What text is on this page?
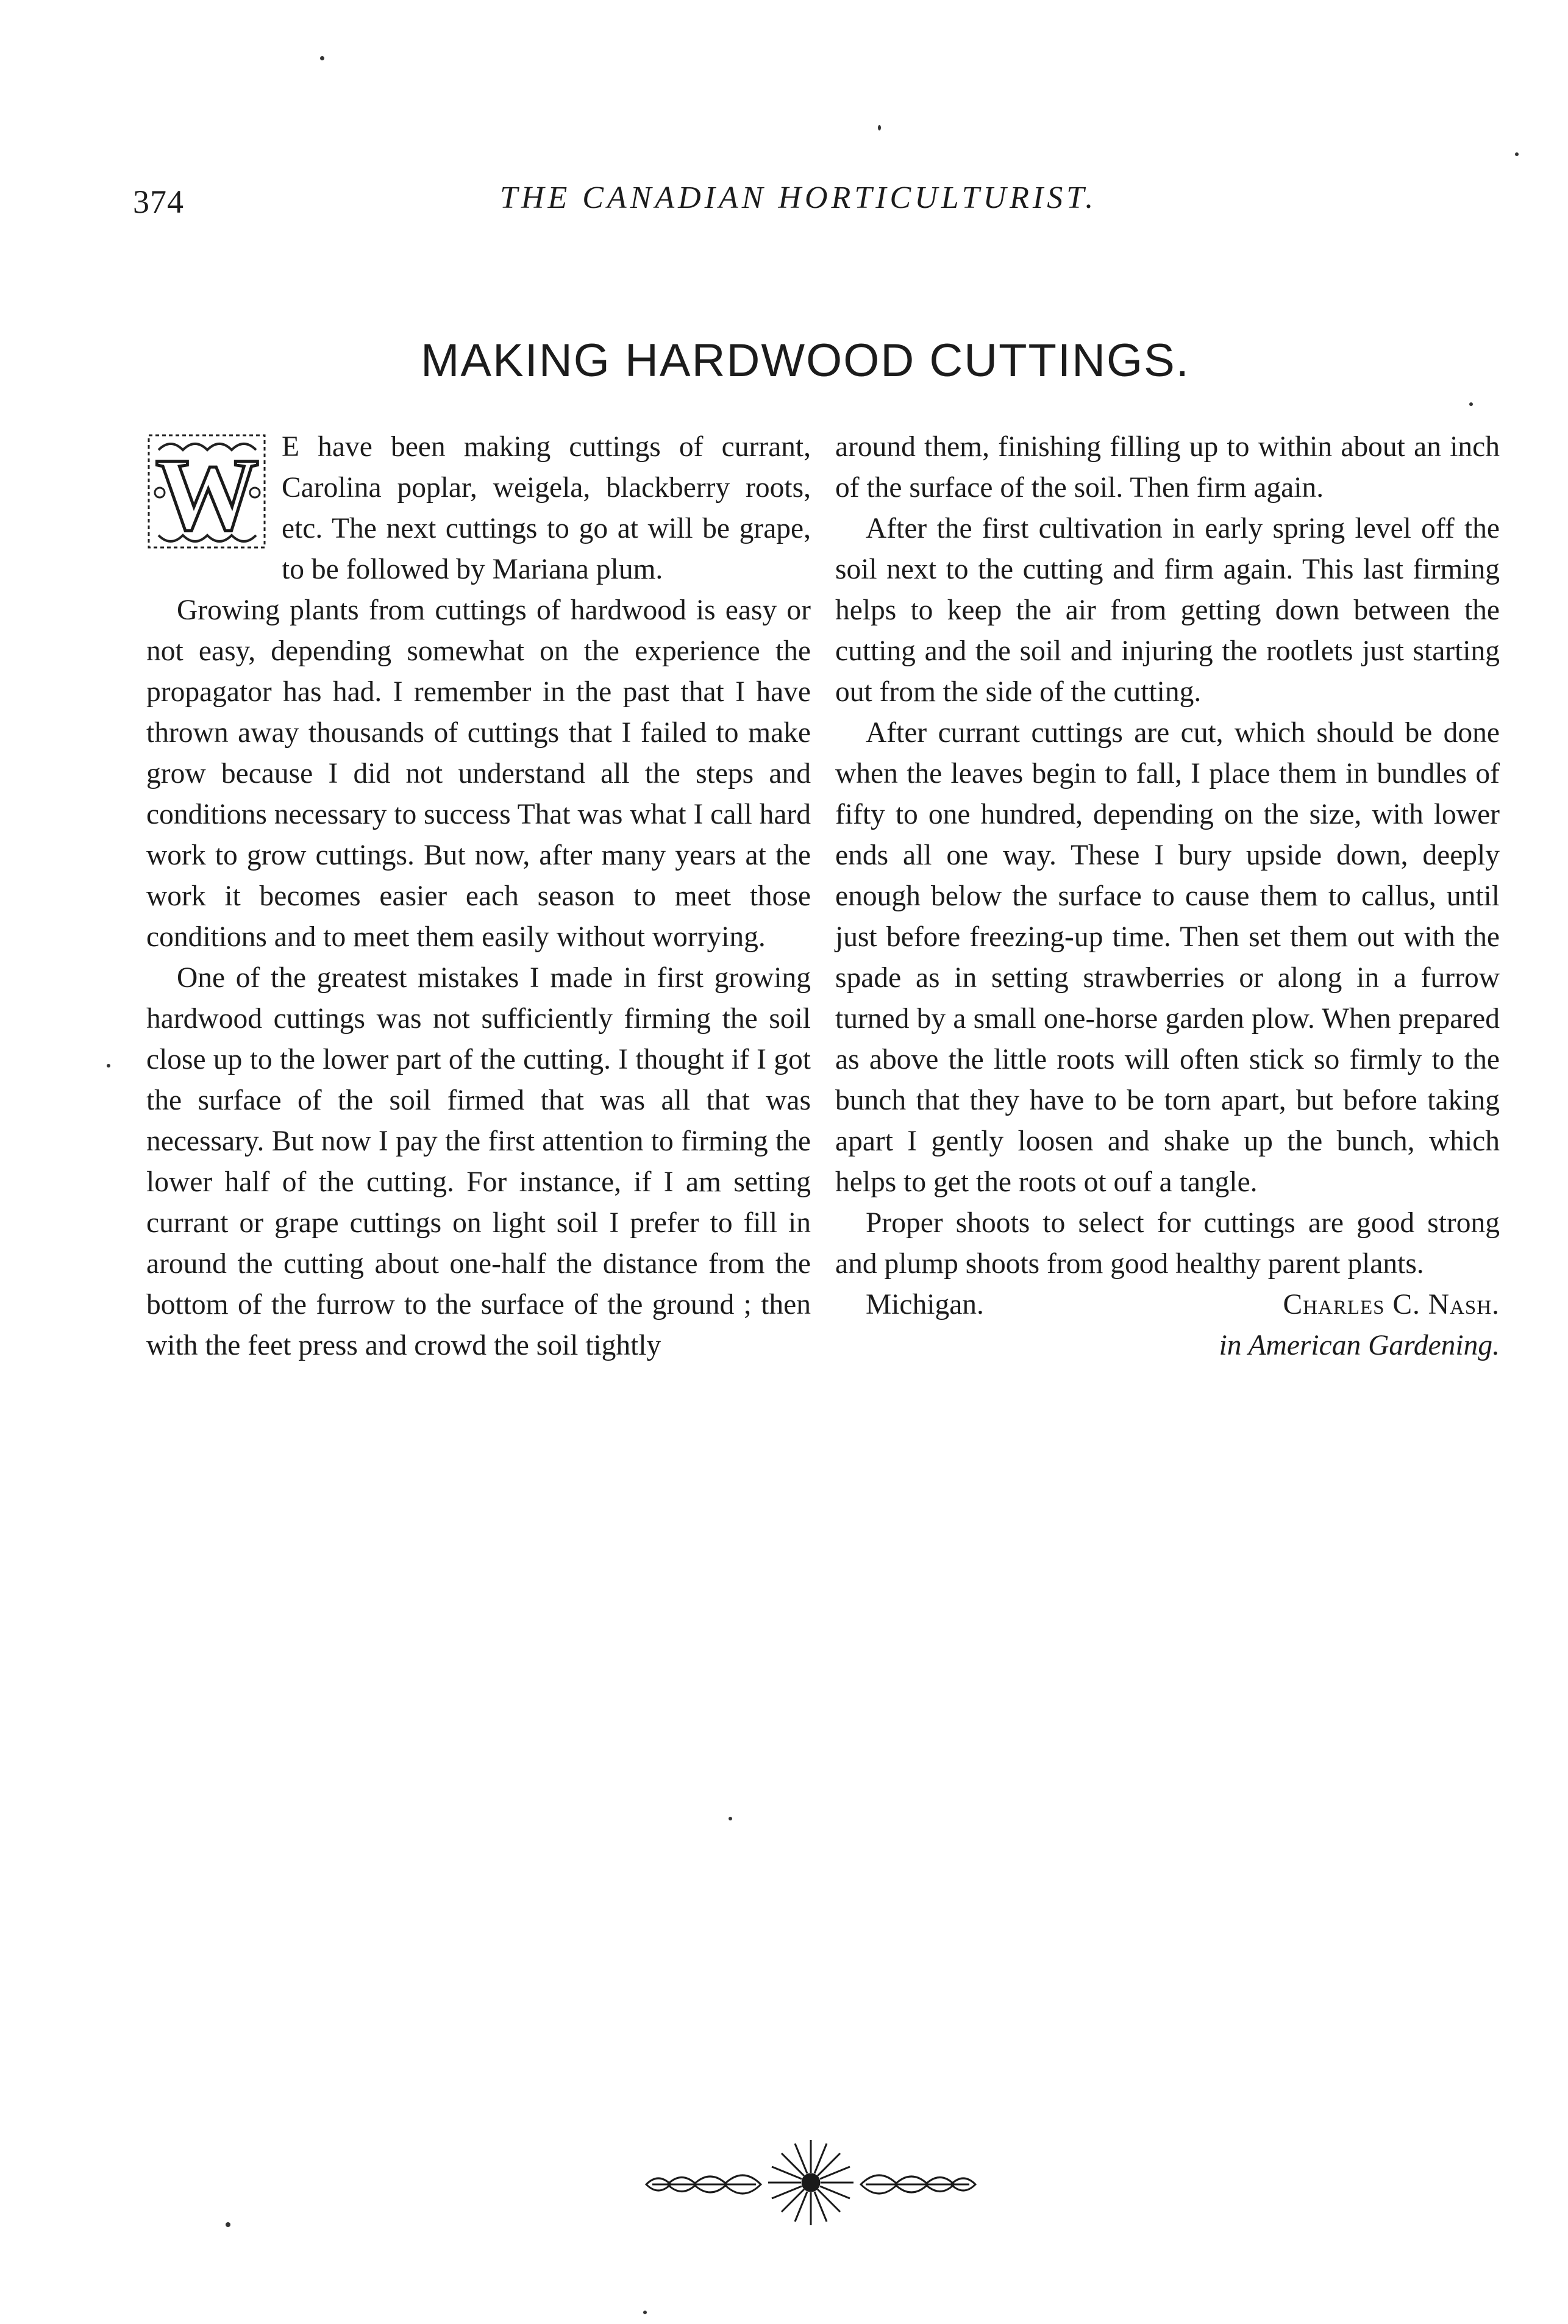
374	THE CANADIAN HORTICULTURIST.
MAKING HARDWOOD CUTTINGS.

W E have been making cuttings of currant, Carolina poplar, weigela, blackberry roots, etc. The next cuttings to go at will be grape, to be followed by Mariana plum.

Growing plants from cuttings of hardwood is easy or not easy, depending somewhat on the experience the propagator has had. I remember in the past that I have thrown away thousands of cuttings that I failed to make grow because I did not understand all the steps and conditions necessary to success That was what I call hard work to grow cuttings. But now, after many years at the work it becomes easier each season to meet those conditions and to meet them easily without worrying.

One of the greatest mistakes I made in first growing hardwood cuttings was not sufficiently firming the soil close up to the lower part of the cutting. I thought if I got the surface of the soil firmed that was all that was necessary. But now I pay the first attention to firming the lower half of the cutting. For instance, if I am setting currant or grape cuttings on light soil I prefer to fill in around the cutting about one-half the distance from the bottom of the furrow to the surface of the ground ; then with the feet press and crowd the soil tightly

around them, finishing filling up to within about an inch of the surface of the soil. Then firm again.

After the first cultivation in early spring level off the soil next to the cutting and firm again. This last firming helps to keep the air from getting down between the cutting and the soil and injuring the rootlets just starting out from the side of the cutting.

After currant cuttings are cut, which should be done when the leaves begin to fall, I place them in bundles of fifty to one hundred, depending on the size, with lower ends all one way. These I bury upside down, deeply enough below the surface to cause them to callus, until just before freezing-up time. Then set them out with the spade as in setting strawberries or along in a furrow turned by a small one-horse garden plow. When prepared as above the little roots will often stick so firmly to the bunch that they have to be torn apart, but before taking apart I gently loosen and shake up the bunch, which helps to get the roots ot ouf a tangle.

Proper shoots to select for cuttings are good strong and plump shoots from good healthy parent plants.

Michigan.	Charles C. Nash.
in American Gardening.
